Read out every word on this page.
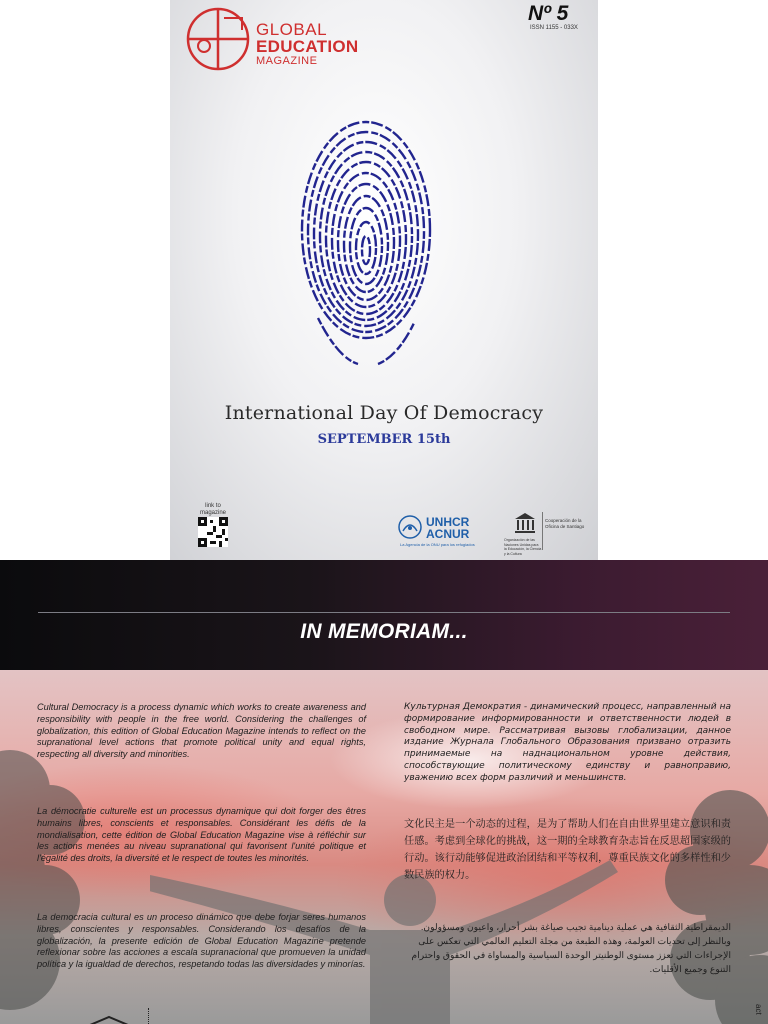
GLOBAL
EDUCATION
MAGAZINE
Nº 5
ISSN 1155 - 033X
International Day Of Democracy
SEPTEMBER 15th
link to magazine
UNHCR
ACNUR
La Agencia de la ONU para los refugiados
Organización de las Naciones Unidas para la Educación, la Ciencia y la Cultura
Cooperación de la Oficina de Santiago
IN MEMORIAM...

Cultural Democracy is a process dynamic which works to create awareness and responsibility with people in the free world. Considering the challenges of globalization, this edition of Global Education Magazine intends to reflect on the supranational level actions that promote political unity and equal rights, respecting all diversity and minorities.

La démocratie culturelle est un processus dynamique qui doit forger des êtres humains libres, conscients et responsables. Considérant les défis de la mondialisation, cette édition de Global Education Magazine vise à réfléchir sur les actions menées au niveau supranational qui favorisent l'unité politique et l'égalité des droits, la diversité et le respect de toutes les minorités.

La democracia cultural es un proceso dinámico que debe forjar seres humanos libres, conscientes y responsables. Considerando los desafíos de la globalización, la presente edición de Global Education Magazine pretende reflexionar sobre las acciones a escala supranacional que promueven la unidad política y la igualdad de derechos, respetando todas las diversidades y minorías.

Культурная Демократия - динамический процесс, направленный на формирование информированности и ответственности людей в свободном мире. Рассматривая вызовы глобализации, данное издание Журнала Глобального Образования призвано отразить принимаемые на наднациональном уровне действия, способствующие политическому единству и равноправию, уважению всех форм различий и меньшинств.

文化民主是一个动态的过程，是为了帮助人们在自由世界里建立意识和责任感。考虑到全球化的挑战，这一期的全球教育杂志旨在反思超国家级的行动。该行动能够促进政治团结和平等权利，尊重民族文化的多样性和少数民族的权力。

الديمقراطية الثقافية هي عملية دينامية تجيب صياغة بشر أحرار، واعيون ومسؤولون. وبالنظر إلى تحديات العولمة، وهذه الطبعة من مجلة التعليم العالمي التي تعكس على الإجراءات التي تعزز مستوى الوطنيتر الوحدة السياسية والمساواة في الحقوق واحترام التنوع وجميع الأقليات.

act
